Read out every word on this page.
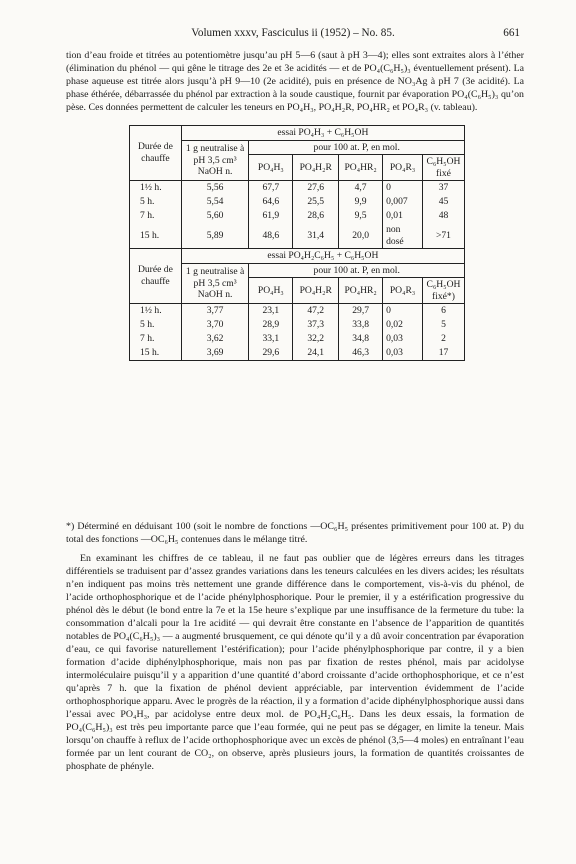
Volumen xxxv, Fasciculus ii (1952) – No. 85.	661
tion d’eau froide et titrées au potentiomètre jusqu’au pH 5—6 (saut à pH 3—4); elles sont extraites alors à l’éther (élimination du phénol — qui gêne le titrage des 2e et 3e acidités — et de PO₄(C₆H₅)₃ éventuellement présent). La phase aqueuse est titrée alors jusqu’à pH 9—10 (2e acidité), puis en présence de NO₃Ag à pH 7 (3e acidité). La phase éthérée, débarrassée du phénol par extraction à la soude caustique, fournit par évaporation PO₄(C₆H₅)₃ qu’on pèse. Ces données permettent de calculer les teneurs en PO₄H₃, PO₄H₂R, PO₄HR₂ et PO₄R₃ (v. tableau).
	essai PO₄H₃ + C₆H₅OH					
Durée de chauffe	1 g neutralise à pH 3,5 cm³ NaOH n.	pour 100 at. P, en mol.				
		PO₄H₃	PO₄H₂R	PO₄HR₂	PO₄R₃	C₆H₅OH fixé
1½ h.	5,56	67,7	27,6	4,7	0	37
5 h.	5,54	64,6	25,5	9,9	0,007	45
7 h.	5,60	61,9	28,6	9,5	0,01	48
15 h.	5,89	48,6	31,4	20,0	non dosé	>71
	essai PO₄H₂C₆H₅ + C₆H₅OH					
Durée de chauffe	1 g neutralise à pH 3,5 cm³ NaOH n.	pour 100 at. P, en mol.				
		PO₄H₃	PO₄H₂R	PO₄HR₂	PO₄R₃	C₆H₅OH fixé*)
1½ h.	3,77	23,1	47,2	29,7	0	6
5 h.	3,70	28,9	37,3	33,8	0,02	5
7 h.	3,62	33,1	32,2	34,8	0,03	2
15 h.	3,69	29,6	24,1	46,3	0,03	17
*) Déterminé en déduisant 100 (soit le nombre de fonctions —OC₆H₅ présentes primitivement pour 100 at. P) du total des fonctions —OC₆H₅ contenues dans le mélange titré.
En examinant les chiffres de ce tableau, il ne faut pas oublier que de légères erreurs dans les titrages différentiels se traduisent par d’assez grandes variations dans les teneurs calculées en les divers acides; les résultats n’en indiquent pas moins très nettement une grande différence dans le comportement, vis-à-vis du phénol, de l’acide orthophosphorique et de l’acide phénylphosphorique. Pour le premier, il y a estérification progressive du phénol dès le début (le bond entre la 7e et la 15e heure s’explique par une insuffisance de la fermeture du tube: la consommation d’alcali pour la 1re acidité — qui devrait être constante en l’absence de l’apparition de quantités notables de PO₄(C₆H₅)₃ — a augmenté brusquement, ce qui dénote qu’il y a dû avoir concentration par évaporation d’eau, ce qui favorise naturellement l’estérification); pour l’acide phénylphosphorique par contre, il y a bien formation d’acide diphénylphosphorique, mais non pas par fixation de restes phénol, mais par acidolyse intermoléculaire puisqu’il y a apparition d’une quantité d’abord croissante d’acide orthophosphorique, et ce n’est qu’après 7 h. que la fixation de phénol devient appréciable, par intervention évidemment de l’acide orthophosphorique apparu. Avec le progrès de la réaction, il y a formation d’acide diphénylphosphorique aussi dans l’essai avec PO₄H₃, par acidolyse entre deux mol. de PO₄H₂C₆H₅. Dans les deux essais, la formation de PO₄(C₆H₅)₃ est très peu importante parce que l’eau formée, qui ne peut pas se dégager, en limite la teneur. Mais lorsqu’on chauffe à reflux de l’acide orthophosphorique avec un excès de phénol (3,5—4 moles) en entraînant l’eau formée par un lent courant de CO₂, on observe, après plusieurs jours, la formation de quantités croissantes de phosphate de phényle.
